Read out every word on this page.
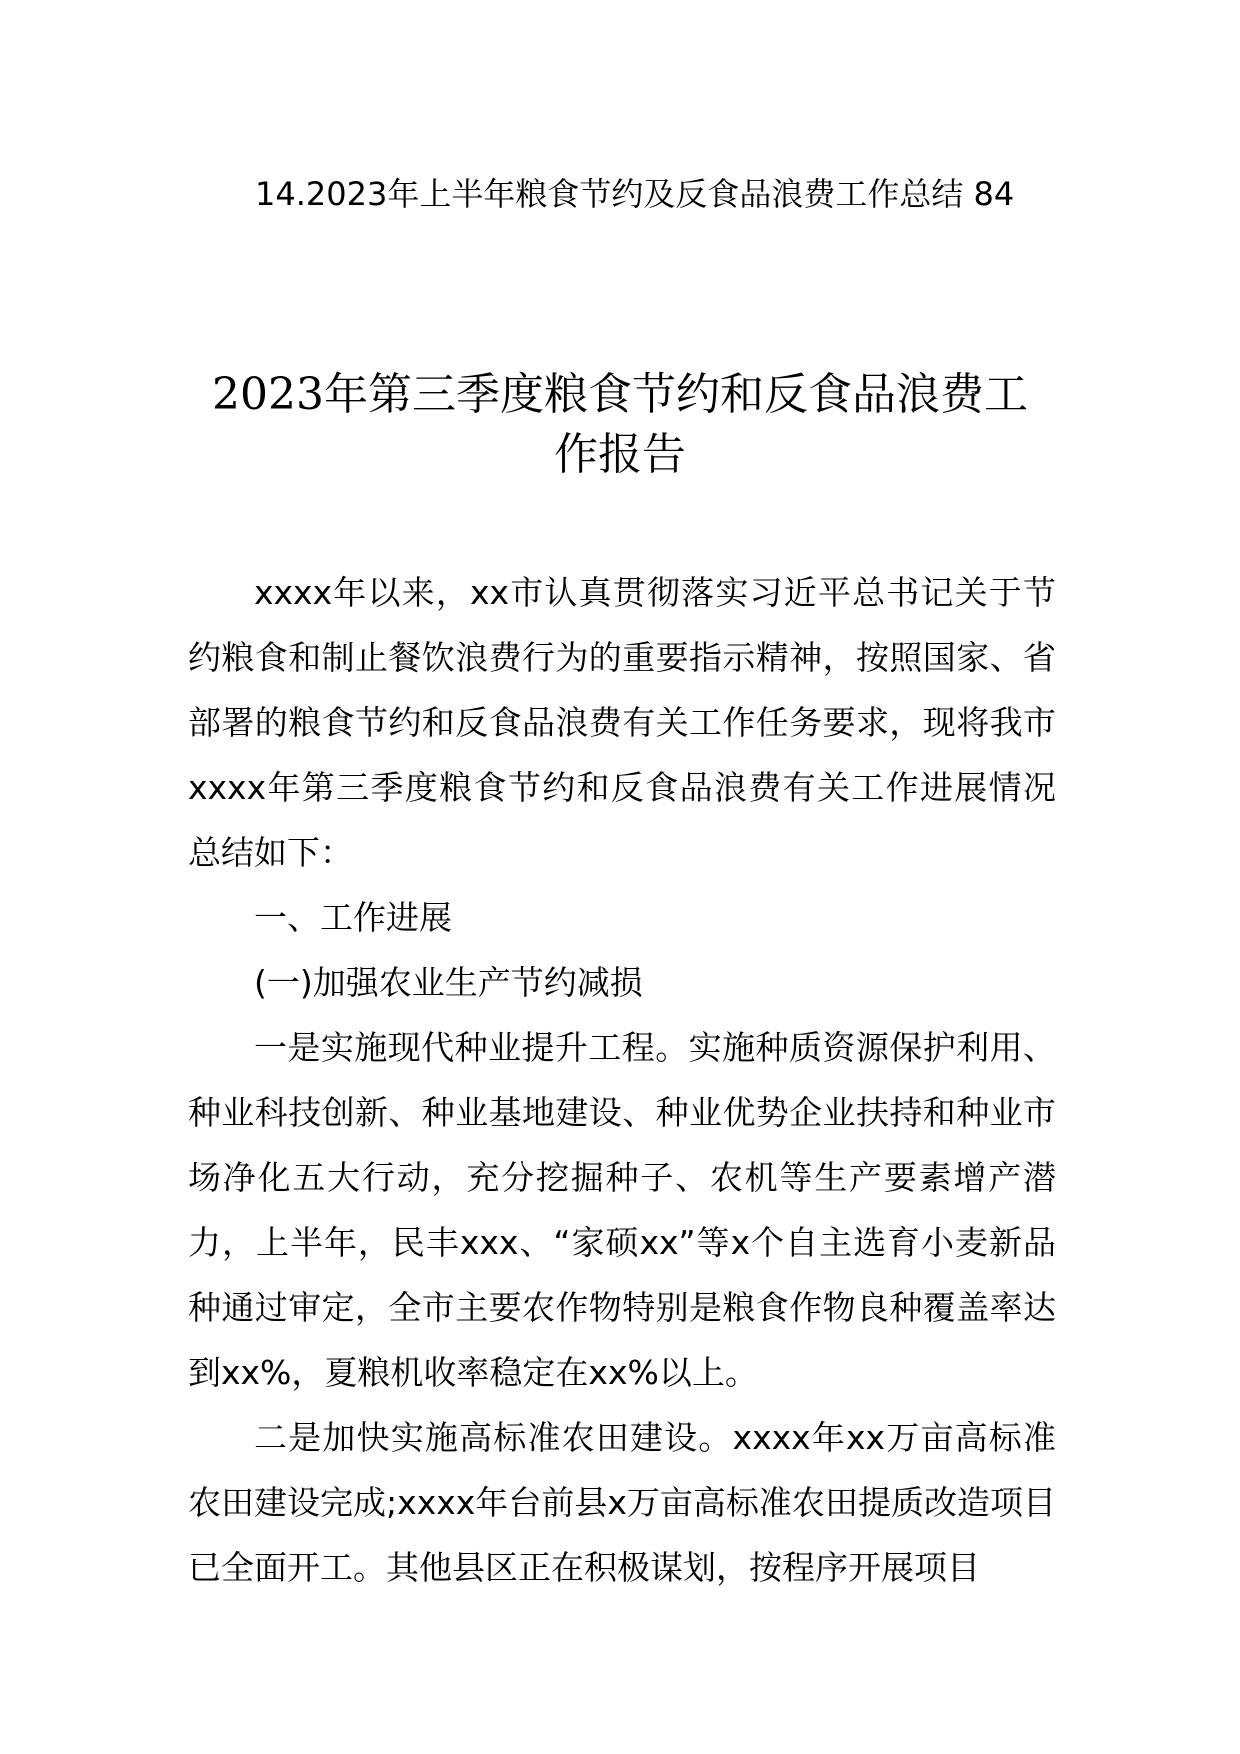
14.2023年上半年粮食节约及反食品浪费工作总结 84
2023年第三季度粮食节约和反食品浪费工
作报告

xxxx年以来，xx市认真贯彻落实习近平总书记关于节约粮食和制止餐饮浪费行为的重要指示精神，按照国家、省部署的粮食节约和反食品浪费有关工作任务要求，现将我市xxxx年第三季度粮食节约和反食品浪费有关工作进展情况总结如下：

一、工作进展

(一)加强农业生产节约减损

一是实施现代种业提升工程。实施种质资源保护利用、种业科技创新、种业基地建设、种业优势企业扶持和种业市场净化五大行动，充分挖掘种子、农机等生产要素增产潜力，上半年，民丰xxx、“家硕xx”等x个自主选育小麦新品种通过审定，全市主要农作物特别是粮食作物良种覆盖率达到xx%，夏粮机收率稳定在xx%以上。

二是加快实施高标准农田建设。xxxx年xx万亩高标准农田建设完成;xxxx年台前县x万亩高标准农田提质改造项目已全面开工。其他县区正在积极谋划，按程序开展项目
